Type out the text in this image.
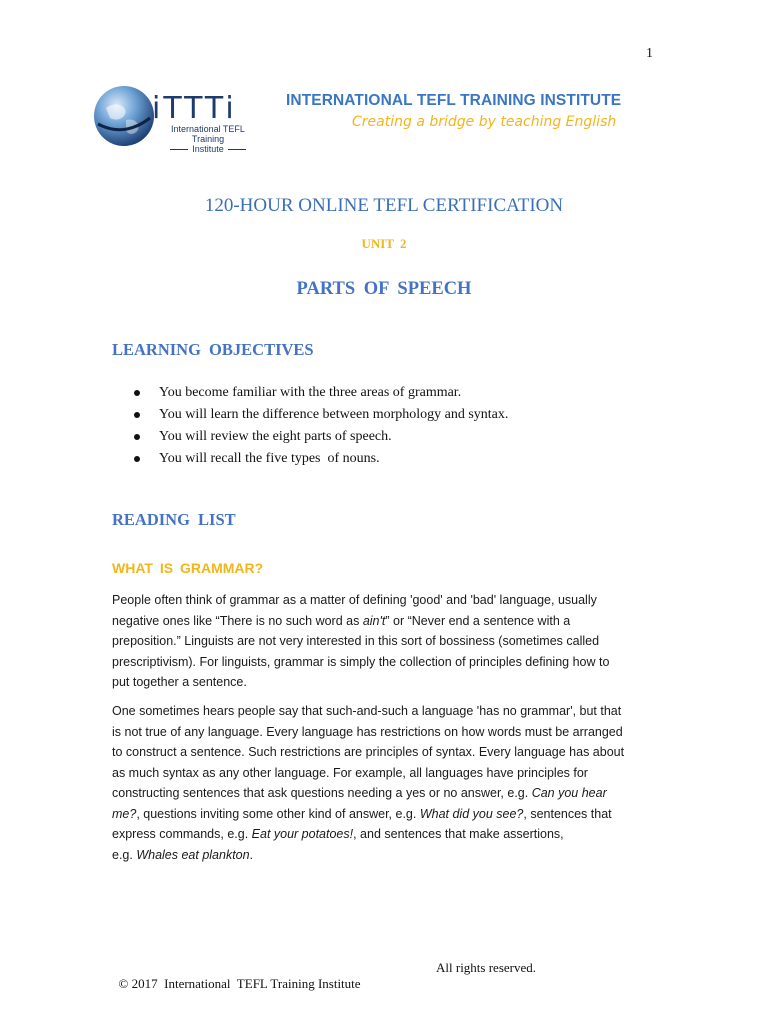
1
iTTTi
International TEFL Training
Institute
INTERNATIONAL TEFL TRAINING INSTITUTE
Creating a bridge by teaching English
120-HOUR ONLINE TEFL CERTIFICATION
UNIT 2
PARTS OF SPEECH
LEARNING OBJECTIVES
You become familiar with the three areas of grammar.
You will learn the difference between morphology and syntax.
You will review the eight parts of speech.
You will recall the five types  of nouns.
READING LIST
WHAT IS GRAMMAR?

People often think of grammar as a matter of defining 'good' and 'bad' language, usually
negative ones like “There is no such word as ain't” or “Never end a sentence with a
preposition.” Linguists are not very interested in this sort of bossiness (sometimes called
prescriptivism). For linguists, grammar is simply the collection of principles defining how to
put together a sentence.

One sometimes hears people say that such-and-such a language 'has no grammar', but that
is not true of any language. Every language has restrictions on how words must be arranged
to construct a sentence. Such restrictions are principles of syntax. Every language has about
as much syntax as any other language. For example, all languages have principles for
constructing sentences that ask questions needing a yes or no answer, e.g. Can you hear
me?, questions inviting some other kind of answer, e.g. What did you see?, sentences that
express commands, e.g. Eat your potatoes!, and sentences that make assertions,
e.g. Whales eat plankton.

© 2017  International  TEFL Training Institute

All rights reserved.
